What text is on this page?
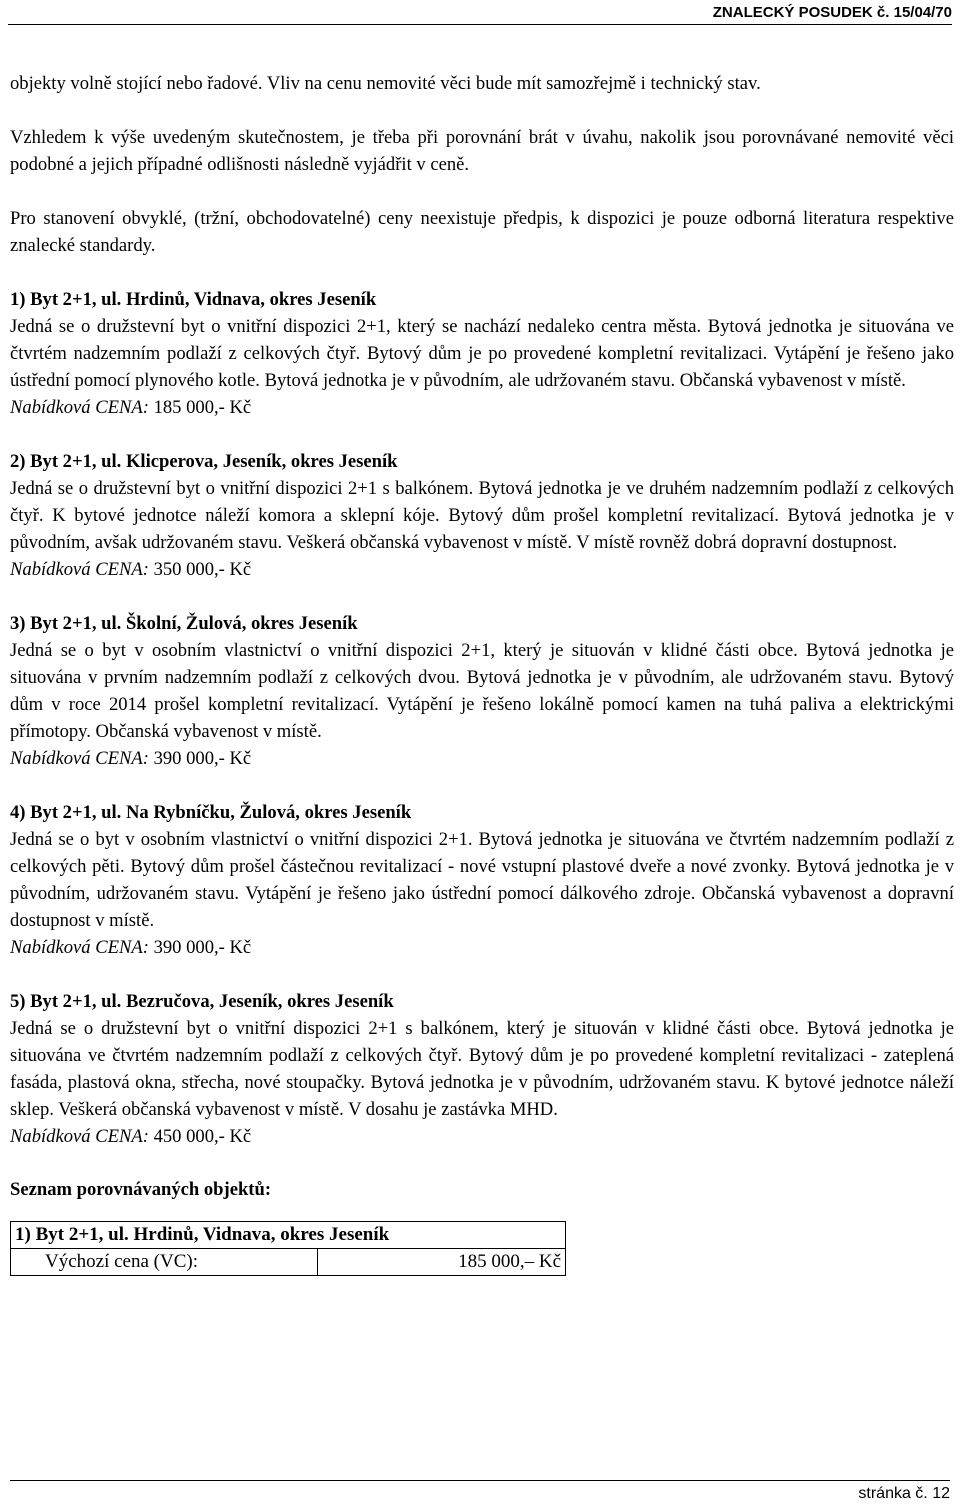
ZNALECKÝ POSUDEK č. 15/04/70

objekty volně stojící nebo řadové. Vliv na cenu nemovité věci bude mít samozřejmě i technický stav.

Vzhledem k výše uvedeným skutečnostem, je třeba při porovnání brát v úvahu, nakolik jsou porovnávané nemovité věci podobné a jejich případné odlišnosti následně vyjádřit v ceně.

Pro stanovení obvyklé, (tržní, obchodovatelné) ceny neexistuje předpis, k dispozici je pouze odborná literatura respektive znalecké standardy.

1) Byt 2+1, ul. Hrdinů, Vidnava, okres Jeseník

Jedná se o družstevní byt o vnitřní dispozici 2+1, který se nachází nedaleko centra města. Bytová jednotka je situována ve čtvrtém nadzemním podlaží z celkových čtyř. Bytový dům je po provedené kompletní revitalizaci. Vytápění je řešeno jako ústřední pomocí plynového kotle. Bytová jednotka je v původním, ale udržovaném stavu. Občanská vybavenost v místě.

Nabídková CENA: 185 000,- Kč

2) Byt 2+1, ul. Klicperova, Jeseník, okres Jeseník

Jedná se o družstevní byt o vnitřní dispozici 2+1 s balkónem. Bytová jednotka je ve druhém nadzemním podlaží z celkových čtyř. K bytové jednotce náleží komora a sklepní kóje. Bytový dům prošel kompletní revitalizací. Bytová jednotka je v původním, avšak udržovaném stavu. Veškerá občanská vybavenost v místě. V místě rovněž dobrá dopravní dostupnost.

Nabídková CENA: 350 000,- Kč

3) Byt 2+1, ul. Školní, Žulová, okres Jeseník

Jedná se o byt v osobním vlastnictví o vnitřní dispozici 2+1, který je situován v klidné části obce. Bytová jednotka je situována v prvním nadzemním podlaží z celkových dvou. Bytová jednotka je v původním, ale udržovaném stavu. Bytový dům v roce 2014 prošel kompletní revitalizací. Vytápění je řešeno lokálně pomocí kamen na tuhá paliva a elektrickými přímotopy. Občanská vybavenost v místě.

Nabídková CENA: 390 000,- Kč

4) Byt 2+1, ul. Na Rybníčku, Žulová, okres Jeseník

Jedná se o byt v osobním vlastnictví o vnitřní dispozici 2+1. Bytová jednotka je situována ve čtvrtém nadzemním podlaží z celkových pěti. Bytový dům prošel částečnou revitalizací - nové vstupní plastové dveře a nové zvonky. Bytová jednotka je v původním, udržovaném stavu. Vytápění je řešeno jako ústřední pomocí dálkového zdroje. Občanská vybavenost a dopravní dostupnost v místě.

Nabídková CENA: 390 000,- Kč

5) Byt 2+1, ul. Bezručova, Jeseník, okres Jeseník

Jedná se o družstevní byt o vnitřní dispozici 2+1 s balkónem, který je situován v klidné části obce. Bytová jednotka je situována ve čtvrtém nadzemním podlaží z celkových čtyř. Bytový dům je po provedené kompletní revitalizaci - zateplená fasáda, plastová okna, střecha, nové stoupačky. Bytová jednotka je v původním, udržovaném stavu. K bytové jednotce náleží sklep. Veškerá občanská vybavenost v místě. V dosahu je zastávka MHD.

Nabídková CENA: 450 000,- Kč

Seznam porovnávaných objektů:

1) Byt 2+1, ul. Hrdinů, Vidnava, okres Jeseník
Výchozí cena (VC):	185 000,– Kč
stránka č. 12
